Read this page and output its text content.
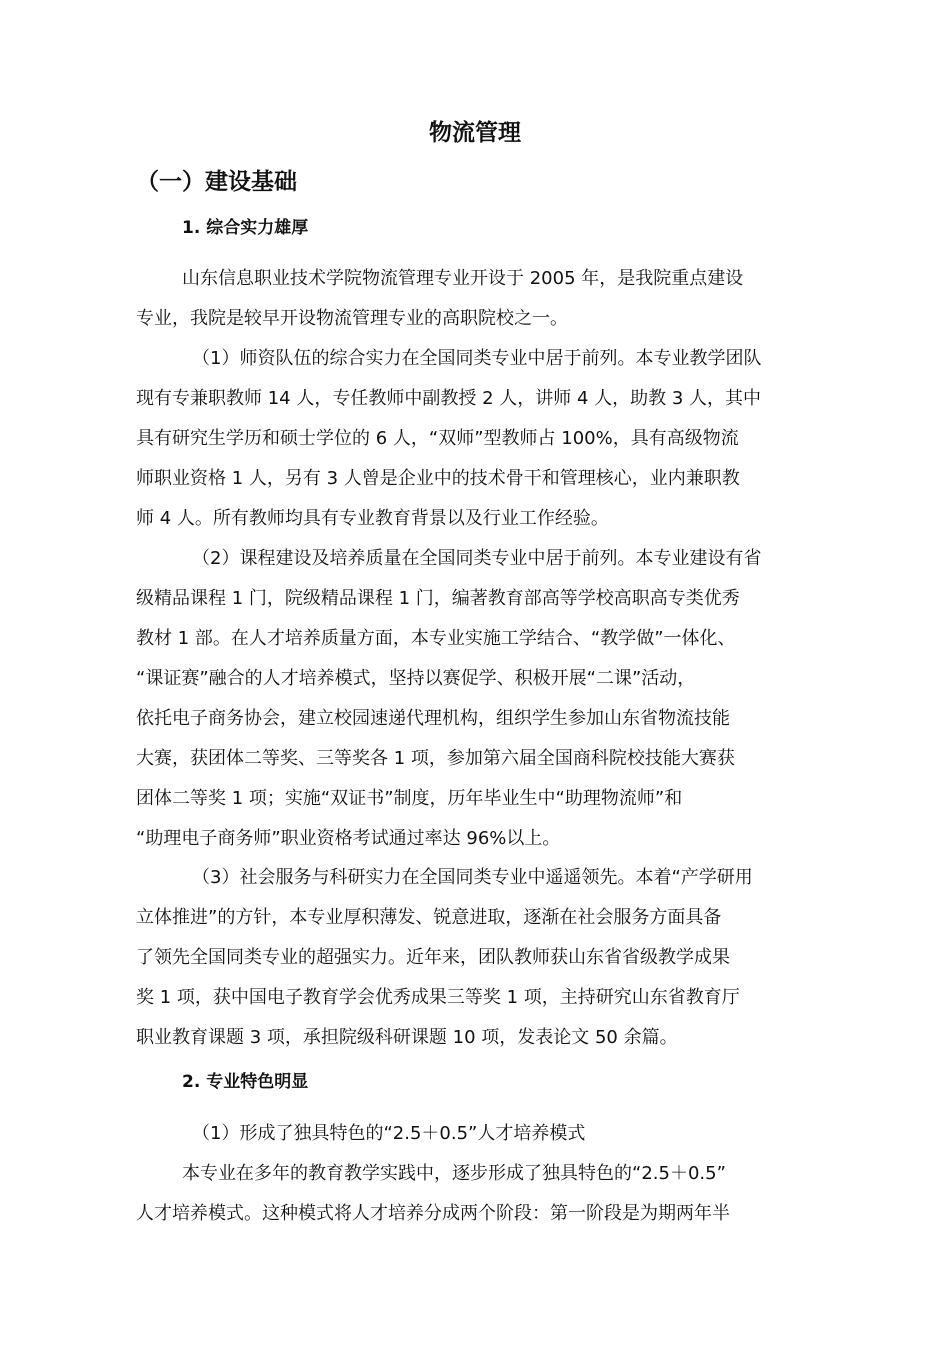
物流管理
（一）建设基础
1. 综合实力雄厚
山东信息职业技术学院物流管理专业开设于 2005 年，是我院重点建设
专业，我院是较早开设物流管理专业的高职院校之一。
（1）师资队伍的综合实力在全国同类专业中居于前列。本专业教学团队
现有专兼职教师 14 人，专任教师中副教授 2 人，讲师 4 人，助教 3 人，其中
具有研究生学历和硕士学位的 6 人，“双师”型教师占 100%，具有高级物流
师职业资格 1 人，另有 3 人曾是企业中的技术骨干和管理核心，业内兼职教
师 4 人。所有教师均具有专业教育背景以及行业工作经验。
（2）课程建设及培养质量在全国同类专业中居于前列。本专业建设有省
级精品课程 1 门，院级精品课程 1 门，编著教育部高等学校高职高专类优秀
教材 1 部。在人才培养质量方面，本专业实施工学结合、“教学做”一体化、
“课证赛”融合的人才培养模式，坚持以赛促学、积极开展“二课”活动，
依托电子商务协会，建立校园速递代理机构，组织学生参加山东省物流技能
大赛，获团体二等奖、三等奖各 1 项，参加第六届全国商科院校技能大赛获
团体二等奖 1 项；实施“双证书”制度，历年毕业生中“助理物流师”和
“助理电子商务师”职业资格考试通过率达 96%以上。
（3）社会服务与科研实力在全国同类专业中遥遥领先。本着“产学研用
立体推进”的方针，本专业厚积薄发、锐意进取，逐渐在社会服务方面具备
了领先全国同类专业的超强实力。近年来，团队教师获山东省省级教学成果
奖 1 项，获中国电子教育学会优秀成果三等奖 1 项，主持研究山东省教育厅
职业教育课题 3 项，承担院级科研课题 10 项，发表论文 50 余篇。
2. 专业特色明显
（1）形成了独具特色的“2.5＋0.5”人才培养模式
本专业在多年的教育教学实践中，逐步形成了独具特色的“2.5＋0.5”
人才培养模式。这种模式将人才培养分成两个阶段：第一阶段是为期两年半
